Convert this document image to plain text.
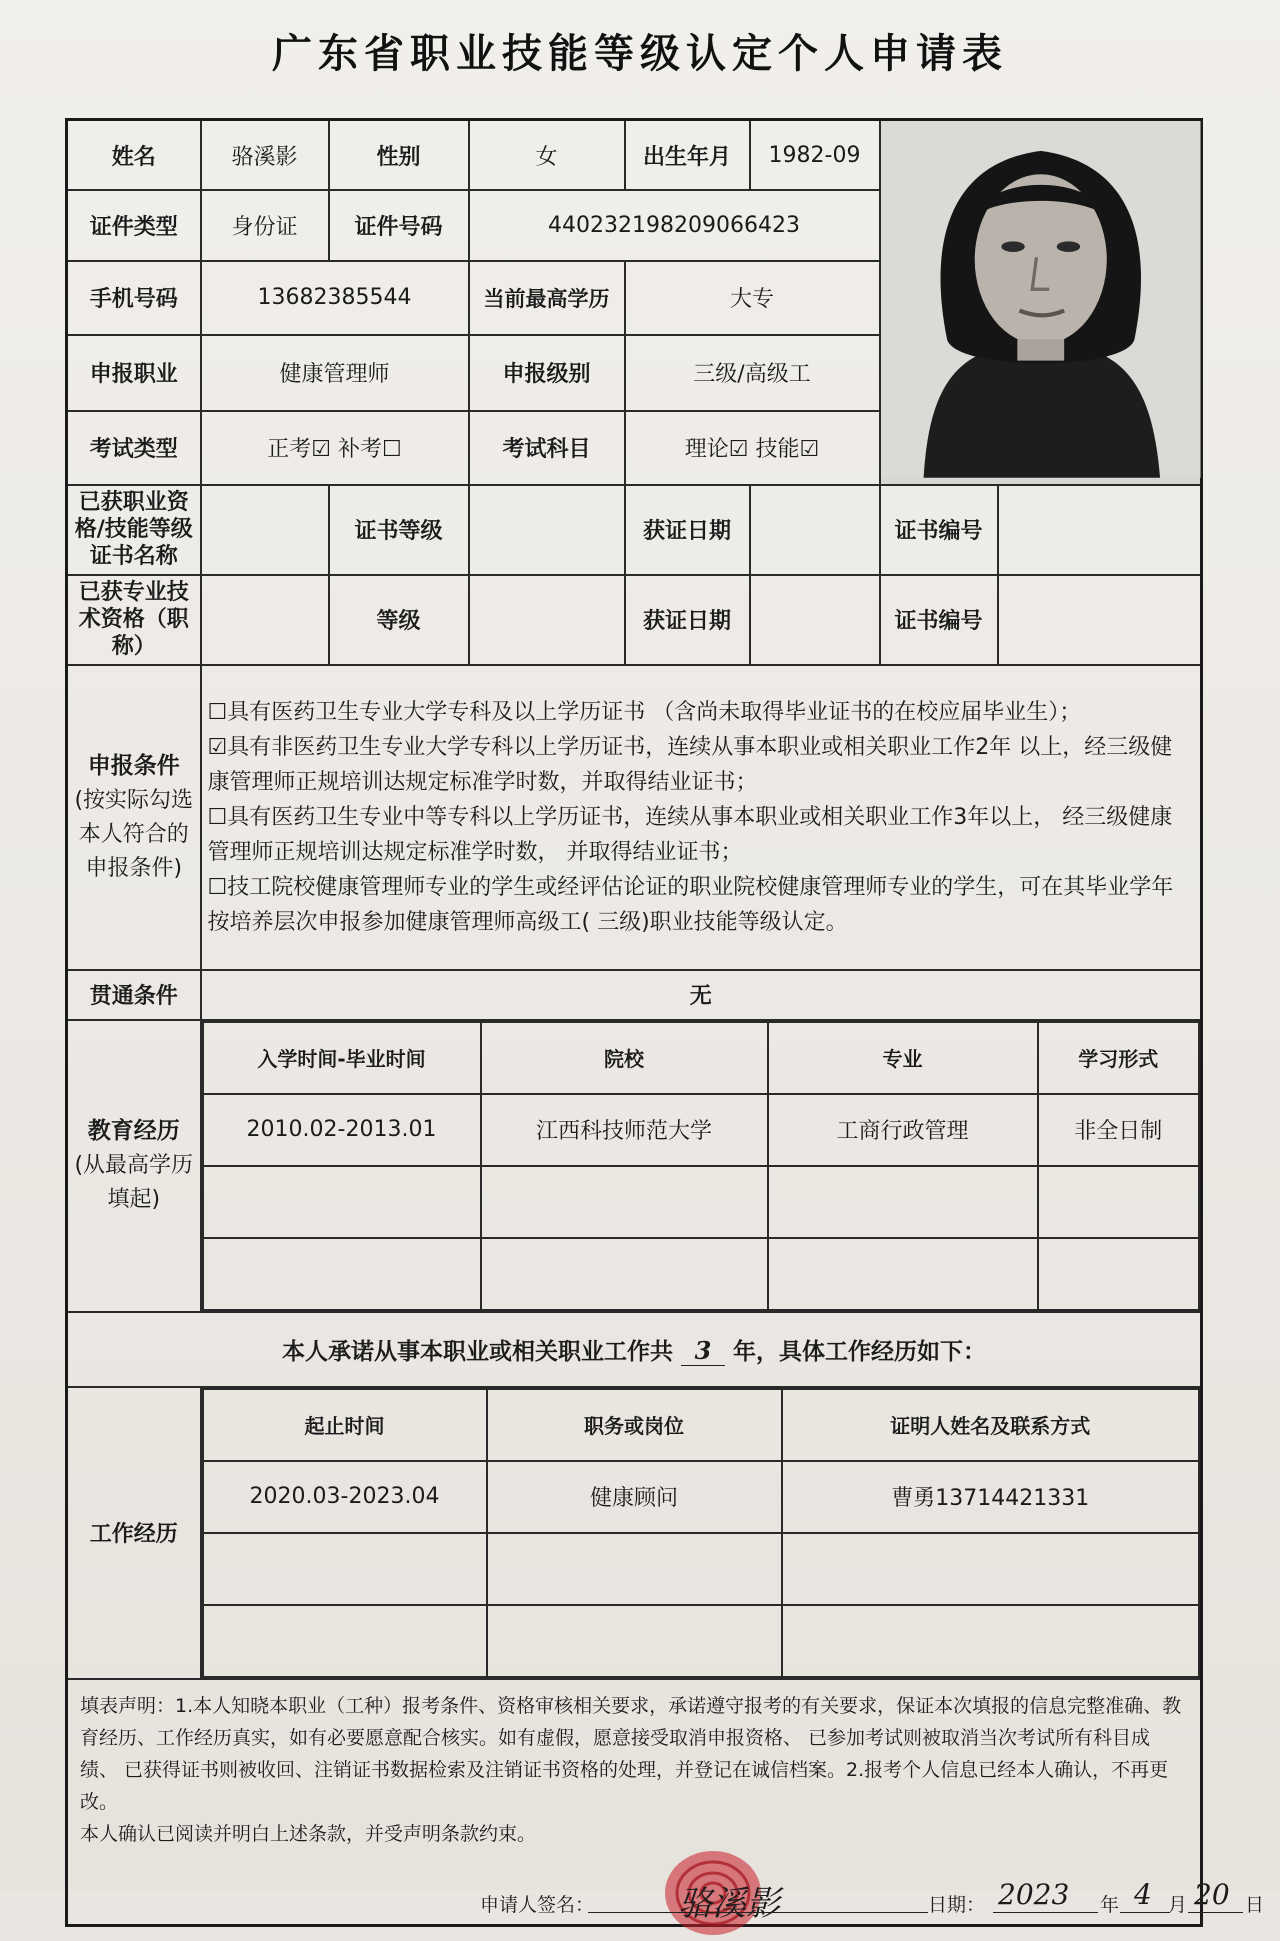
广东省职业技能等级认定个人申请表
姓名	骆溪影	性别	女	出生年月	1982-09	
证件类型	身份证	证件号码	440232198209066423
手机号码	13682385544	当前最高学历	大专
申报职业	健康管理师	申报级别	三级/高级工
考试类型	正考☑ 补考☐	考试科目	理论☑ 技能☑
已获职业资格/技能等级证书名称		证书等级		获证日期		证书编号	
已获专业技术资格（职称）		等级		获证日期		证书编号	
申报条件
(按实际勾选本人符合的申报条件)	
☐具有医药卫生专业大学专科及以上学历证书 （含尚未取得毕业证书的在校应届毕业生）；
☑具有非医药卫生专业大学专科以上学历证书，连续从事本职业或相关职业工作2年 以上，经三级健康管理师正规培训达规定标准学时数，并取得结业证书；
☐具有医药卫生专业中等专科以上学历证书，连续从事本职业或相关职业工作3年以上， 经三级健康管理师正规培训达规定标准学时数， 并取得结业证书；
☐技工院校健康管理师专业的学生或经评估论证的职业院校健康管理师专业的学生，可在其毕业学年按培养层次申报参加健康管理师高级工( 三级)职业技能等级认定。

贯通条件	无
教育经历
(从最高学历填起)	
入学时间-毕业时间	院校	专业	学习形式
2010.02-2013.01	江西科技师范大学	工商行政管理	非全日制

本人承诺从事本职业或相关职业工作共 3 年，具体工作经历如下：
工作经历	
起止时间	职务或岗位	证明人姓名及联系方式
2020.03-2023.04	健康顾问	曹勇13714421331

填表声明：1.本人知晓本职业（工种）报考条件、资格审核相关要求，承诺遵守报考的有关要求，保证本次填报的信息完整准确、教育经历、工作经历真实，如有必要愿意配合核实。如有虚假，愿意接受取消申报资格、 已参加考试则被取消当次考试所有科目成绩、 已获得证书则被收回、注销证书数据检索及注销证书资格的处理，并登记在诚信档案。2.报考个人信息已经本人确认，不再更改。
本人确认已阅读并明白上述条款，并受声明条款约束。
申请人签名： 骆溪影	日期： 2023 年 4 月 20 日
